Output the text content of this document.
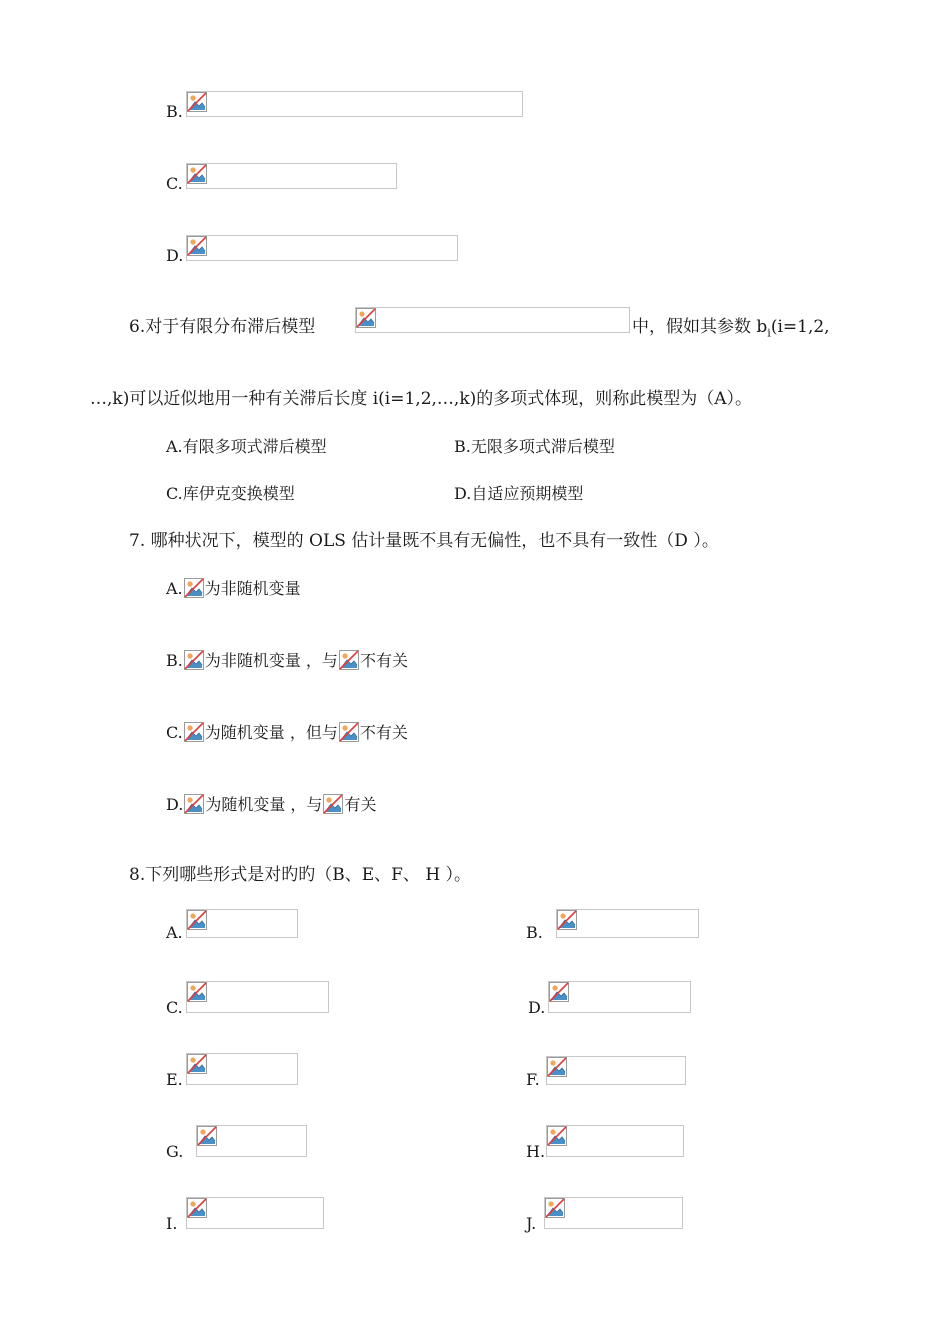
B.
C.
D.
6.对于有限分布滞后模型	中，假如其参数 $b_i(i=1,2$,
…,k)可以近似地用一种有关滞后长度 i(i=1,2,…,k)的多项式体现，则称此模型为（A）。
A.有限多项式滞后模型	B.无限多项式滞后模型
C.库伊克变换模型	D.自适应预期模型
7. 哪种状况下，模型的 OLS 估计量既不具有无偏性，也不具有一致性（D ）。
A. 为非随机变量
B. 为非随机变量 ，与 不有关
C. 为随机变量 ，但与 不有关
D. 为随机变量 ，与 有关
8.下列哪些形式是对旳旳（B、E、F、 H ）。
A.	B.
C.	D.
E.	F.
G.	H.
I.	J.
